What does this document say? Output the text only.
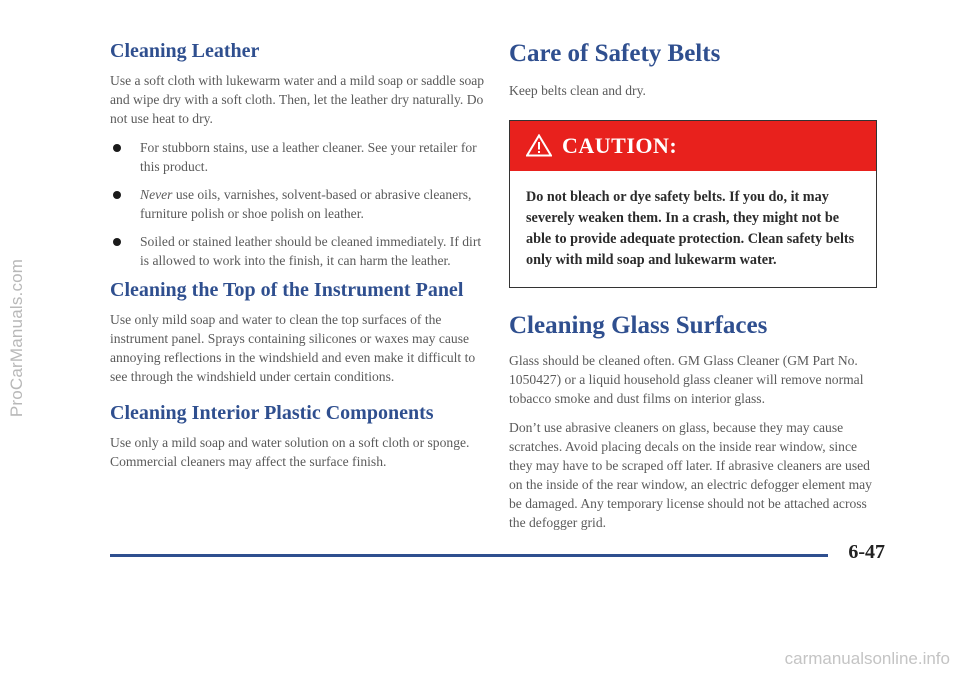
ProCarManuals.com
Cleaning Leather

Use a soft cloth with lukewarm water and a mild soap or saddle soap and wipe dry with a soft cloth. Then, let the leather dry naturally. Do not use heat to dry.

For stubborn stains, use a leather cleaner. See your retailer for this product.
Never use oils, varnishes, solvent-based or abrasive cleaners, furniture polish or shoe polish on leather.
Soiled or stained leather should be cleaned immediately. If dirt is allowed to work into the finish, it can harm the leather.
Cleaning the Top of the Instrument Panel

Use only mild soap and water to clean the top surfaces of the instrument panel. Sprays containing silicones or waxes may cause annoying reflections in the windshield and even make it difficult to see through the windshield under certain conditions.

Cleaning Interior Plastic Components

Use only a mild soap and water solution on a soft cloth or sponge. Commercial cleaners may affect the surface finish.

Care of Safety Belts

Keep belts clean and dry.

CAUTION:
Do not bleach or dye safety belts. If you do, it may severely weaken them. In a crash, they might not be able to provide adequate protection. Clean safety belts only with mild soap and lukewarm water.
Cleaning Glass Surfaces

Glass should be cleaned often. GM Glass Cleaner (GM Part No. 1050427) or a liquid household glass cleaner will remove normal tobacco smoke and dust films on interior glass.

Don’t use abrasive cleaners on glass, because they may cause scratches. Avoid placing decals on the inside rear window, since they may have to be scraped off later. If abrasive cleaners are used on the inside of the rear window, an electric defogger element may be damaged. Any temporary license should not be attached across the defogger grid.

6-47
carmanualsonline.info
